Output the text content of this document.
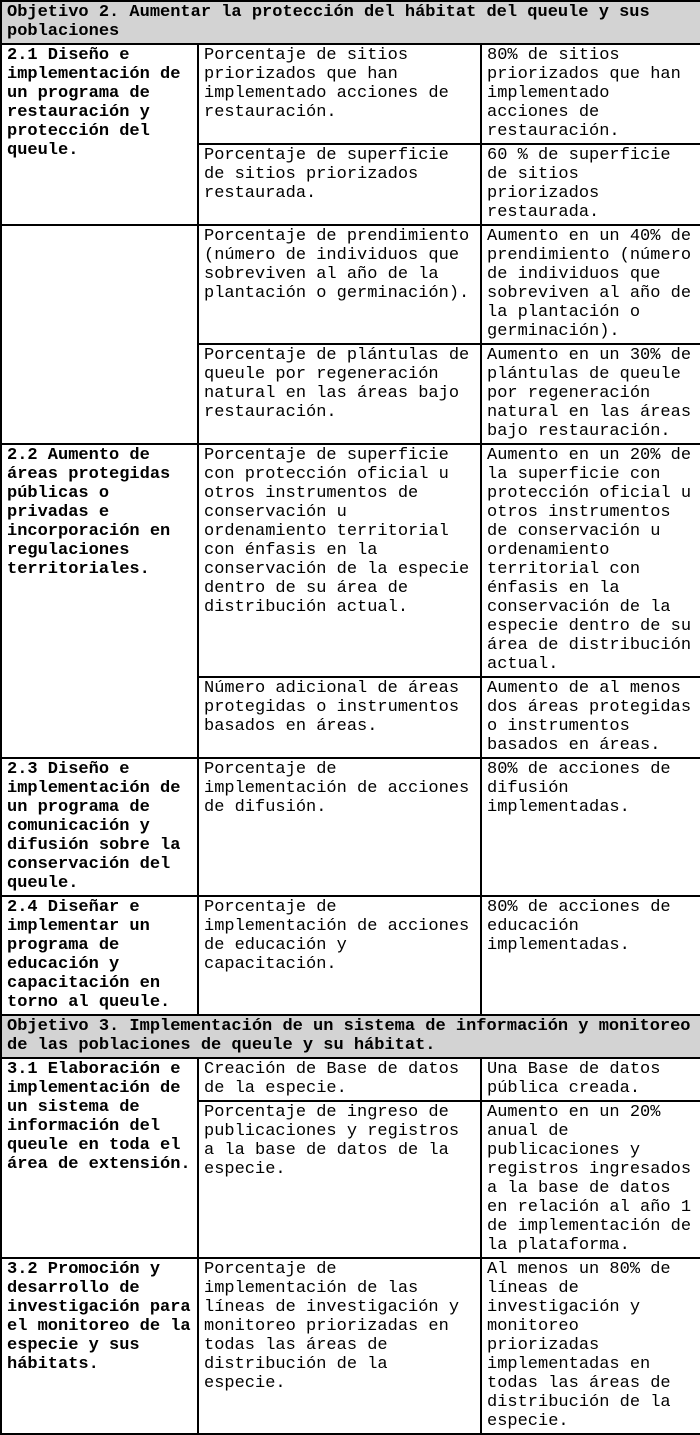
Objetivo 2. Aumentar la protección del hábitat del queule y sus poblaciones		
2.1 Diseño e implementación de un programa de restauración y protección del queule.	Porcentaje de sitios priorizados que han implementado acciones de restauración.	80% de sitios priorizados que han implementado acciones de restauración.
	Porcentaje de superficie de sitios priorizados restaurada.	60 % de superficie de sitios priorizados restaurada.
	Porcentaje de prendimiento (número de individuos que sobreviven al año de la plantación o germinación).	Aumento en un 40% de prendimiento (número de individuos que sobreviven al año de la plantación o germinación).
	Porcentaje de plántulas de queule por regeneración natural en las áreas bajo restauración.	Aumento en un 30% de plántulas de queule por regeneración natural en las áreas bajo restauración.
2.2 Aumento de áreas protegidas públicas o privadas e incorporación en regulaciones territoriales.	Porcentaje de superficie con protección oficial u otros instrumentos de conservación u ordenamiento territorial con énfasis en la conservación de la especie dentro de su área de distribución actual.	Aumento en un 20% de la superficie con protección oficial u otros instrumentos de conservación u ordenamiento territorial con énfasis en la conservación de la especie dentro de su área de distribución actual.
	Número adicional de áreas protegidas o instrumentos basados en áreas.	Aumento de al menos dos áreas protegidas o instrumentos basados en áreas.
2.3 Diseño e implementación de un programa de comunicación y difusión sobre la conservación del queule.	Porcentaje de implementación de acciones de difusión.	80% de acciones de difusión implementadas.
2.4 Diseñar e implementar un programa de educación y capacitación en torno al queule.	Porcentaje de implementación de acciones de educación y capacitación.	80% de acciones de educación implementadas.
Objetivo 3. Implementación de un sistema de información y monitoreo de las poblaciones de queule y su hábitat.		
3.1 Elaboración e implementación de un sistema de información del queule en toda el área de extensión.	Creación de Base de datos de la especie.	Una Base de datos pública creada.
	Porcentaje de ingreso de publicaciones y registros a la base de datos de la especie.	Aumento en un 20% anual de publicaciones y registros ingresados a la base de datos en relación al año 1 de implementación de la plataforma.
3.2 Promoción y desarrollo de investigación para el monitoreo de la especie y sus hábitats.	Porcentaje de implementación de las líneas de investigación y monitoreo priorizadas en todas las áreas de distribución de la especie.	Al menos un 80% de líneas de investigación y monitoreo priorizadas implementadas en todas las áreas de distribución de la especie.
